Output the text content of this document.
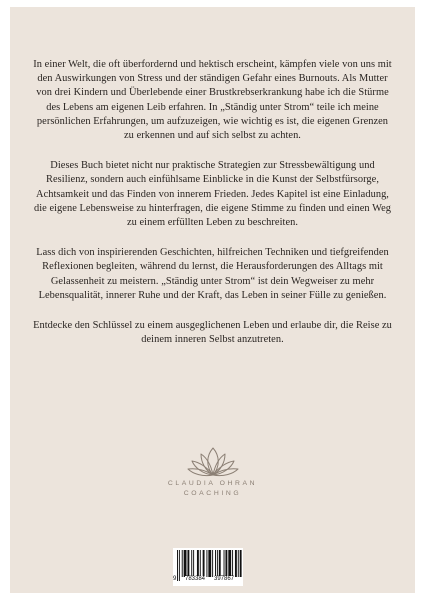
In einer Welt, die oft überfordernd und hektisch erscheint, kämpfen viele von uns mit den Auswirkungen von Stress und der ständigen Gefahr eines Burnouts. Als Mutter von drei Kindern und Überlebende einer Brustkrebserkrankung habe ich die Stürme des Lebens am eigenen Leib erfahren. In „Ständig unter Strom“ teile ich meine persönlichen Erfahrungen, um aufzuzeigen, wie wichtig es ist, die eigenen Grenzen zu erkennen und auf sich selbst zu achten.

Dieses Buch bietet nicht nur praktische Strategien zur Stressbewältigung und Resilienz, sondern auch einfühlsame Einblicke in die Kunst der Selbstfürsorge, Achtsamkeit und das Finden von innerem Frieden. Jedes Kapitel ist eine Einladung, die eigene Lebensweise zu hinterfragen, die eigene Stimme zu finden und einen Weg zu einem erfüllten Leben zu beschreiten.

Lass dich von inspirierenden Geschichten, hilfreichen Techniken und tiefgreifenden Reflexionen begleiten, während du lernst, die Herausforderungen des Alltags mit Gelassenheit zu meistern. „Ständig unter Strom“ ist dein Wegweiser zu mehr Lebensqualität, innerer Ruhe und der Kraft, das Leben in seiner Fülle zu genießen.

Entdecke den Schlüssel zu einem ausgeglichenen Leben und erlaube dir, die Reise zu deinem inneren Selbst anzutreten.

CLAUDIA OHRAN
COACHING
9 783384 397867
